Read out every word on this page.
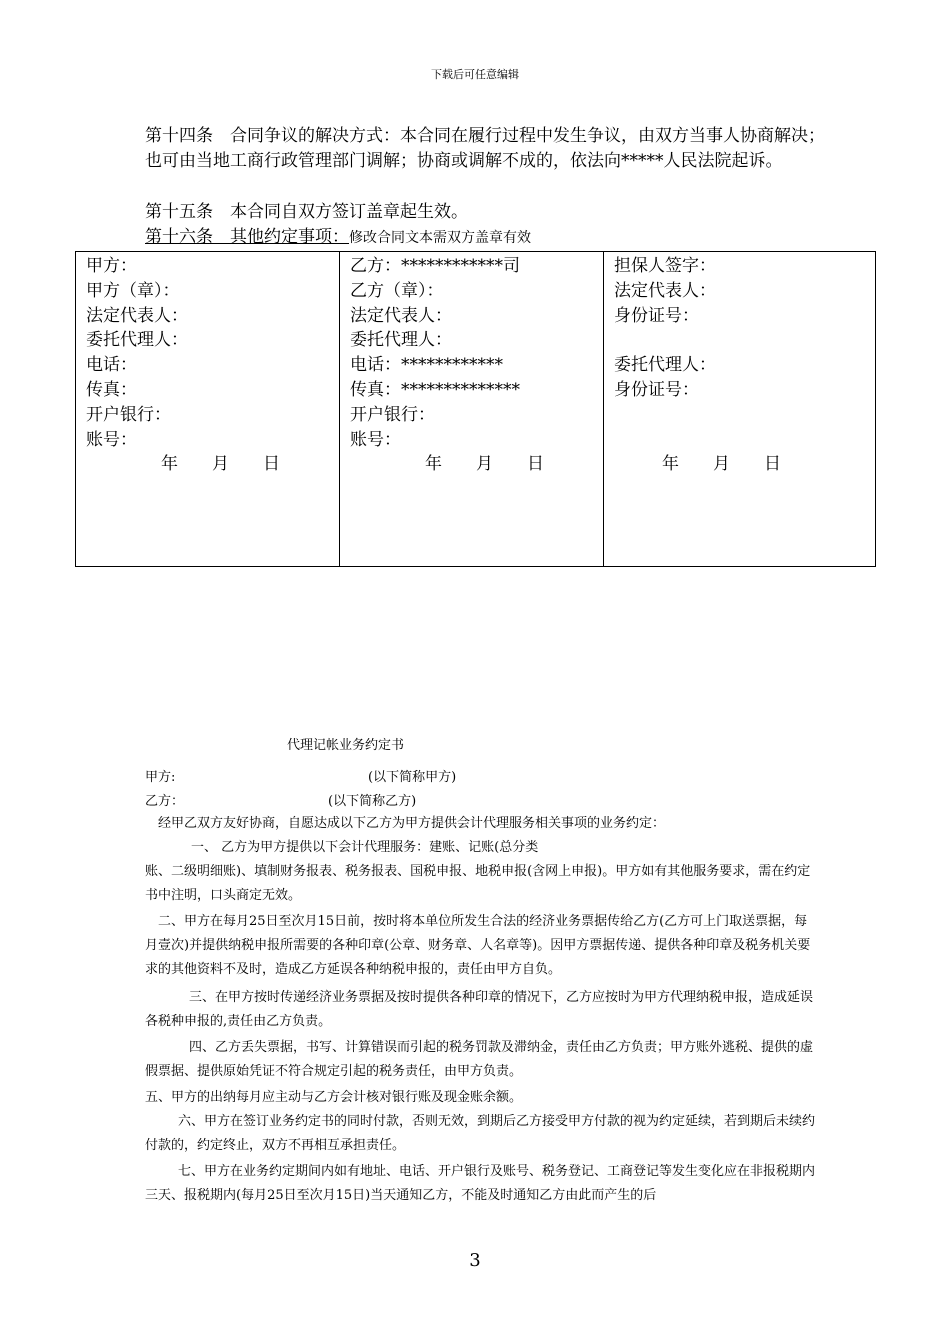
下载后可任意编辑
第十四条　合同争议的解决方式：本合同在履行过程中发生争议，由双方当事人协商解决；也可由当地工商行政管理部门调解；协商或调解不成的，依法向*****人民法院起诉。
第十五条　本合同自双方签订盖章起生效。
第十六条　其他约定事项：修改合同文本需双方盖章有效
甲方：
甲方（章）：
法定代表人：
委托代理人：
电话：
传真：
开户银行：
账号：
年　　月　　日

乙方：************司
乙方（章）：
法定代表人：
委托代理人：
电话：************
传真：**************
开户银行：
账号：
年　　月　　日

担保人签字：
法定代表人：
身份证号：
委托代理人：
身份证号：
年　　月　　日
代理记帐业务约定书
甲方:	(以下简称甲方)
乙方：	(以下简称乙方)
经甲乙双方友好协商，自愿达成以下乙方为甲方提供会计代理服务相关事项的业务约定：
一、 乙方为甲方提供以下会计代理服务：建账、记账(总分类
账、二级明细账)、填制财务报表、税务报表、国税申报、地税申报(含网上申报)。甲方如有其他服务要求，需在约定书中注明，口头商定无效。
二、甲方在每月25日至次月15日前，按时将本单位所发生合法的经济业务票据传给乙方(乙方可上门取送票据，每月壹次)并提供纳税申报所需要的各种印章(公章、财务章、人名章等)。因甲方票据传递、提供各种印章及税务机关要求的其他资料不及时，造成乙方延误各种纳税申报的，责任由甲方自负。
三、在甲方按时传递经济业务票据及按时提供各种印章的情况下，乙方应按时为甲方代理纳税申报，造成延误各税种申报的,责任由乙方负责。
四、乙方丢失票据，书写、计算错误而引起的税务罚款及滞纳金，责任由乙方负责；甲方账外逃税、提供的虚假票据、提供原始凭证不符合规定引起的税务责任，由甲方负责。
五、甲方的出纳每月应主动与乙方会计核对银行账及现金账余额。
六、甲方在签订业务约定书的同时付款，否则无效，到期后乙方接受甲方付款的视为约定延续，若到期后未续约付款的，约定终止，双方不再相互承担责任。
七、甲方在业务约定期间内如有地址、电话、开户银行及账号、税务登记、工商登记等发生变化应在非报税期内三天、报税期内(每月25日至次月15日)当天通知乙方，不能及时通知乙方由此而产生的后
3
